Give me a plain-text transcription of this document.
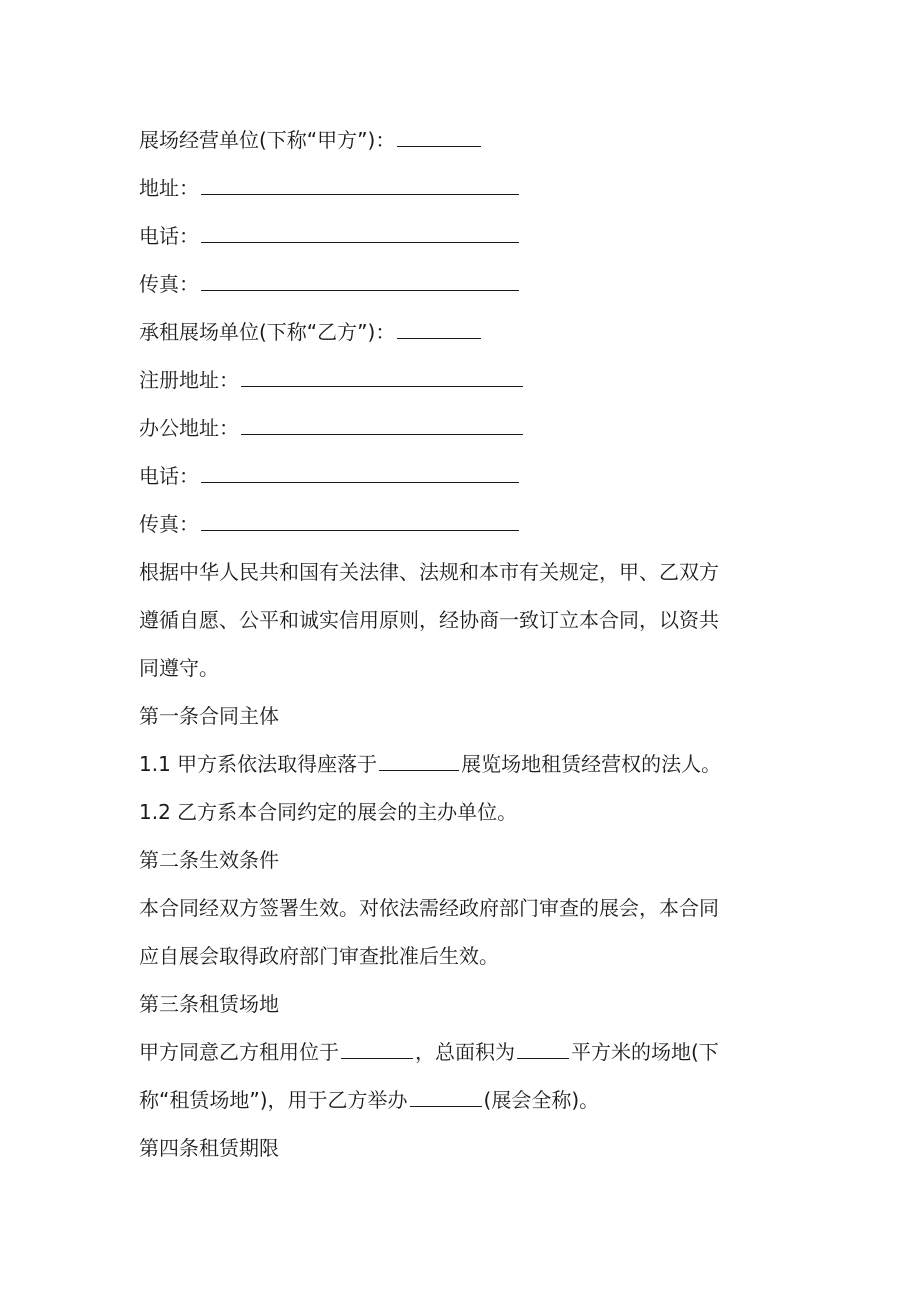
展场经营单位(下称“甲方”)：
地址：
电话：
传真：
承租展场单位(下称“乙方”)：
注册地址：
办公地址：
电话：
传真：
根据中华人民共和国有关法律、法规和本市有关规定，甲、乙双方
遵循自愿、公平和诚实信用原则，经协商一致订立本合同，以资共
同遵守。
第一条合同主体
1.1 甲方系依法取得座落于	展览场地租赁经营权的法人。
1.2 乙方系本合同约定的展会的主办单位。
第二条生效条件
本合同经双方签署生效。对依法需经政府部门审查的展会，本合同
应自展会取得政府部门审查批准后生效。
第三条租赁场地
甲方同意乙方租用位于	，总面积为	平方米的场地(下
称“租赁场地”)，用于乙方举办	(展会全称)。
第四条租赁期限
